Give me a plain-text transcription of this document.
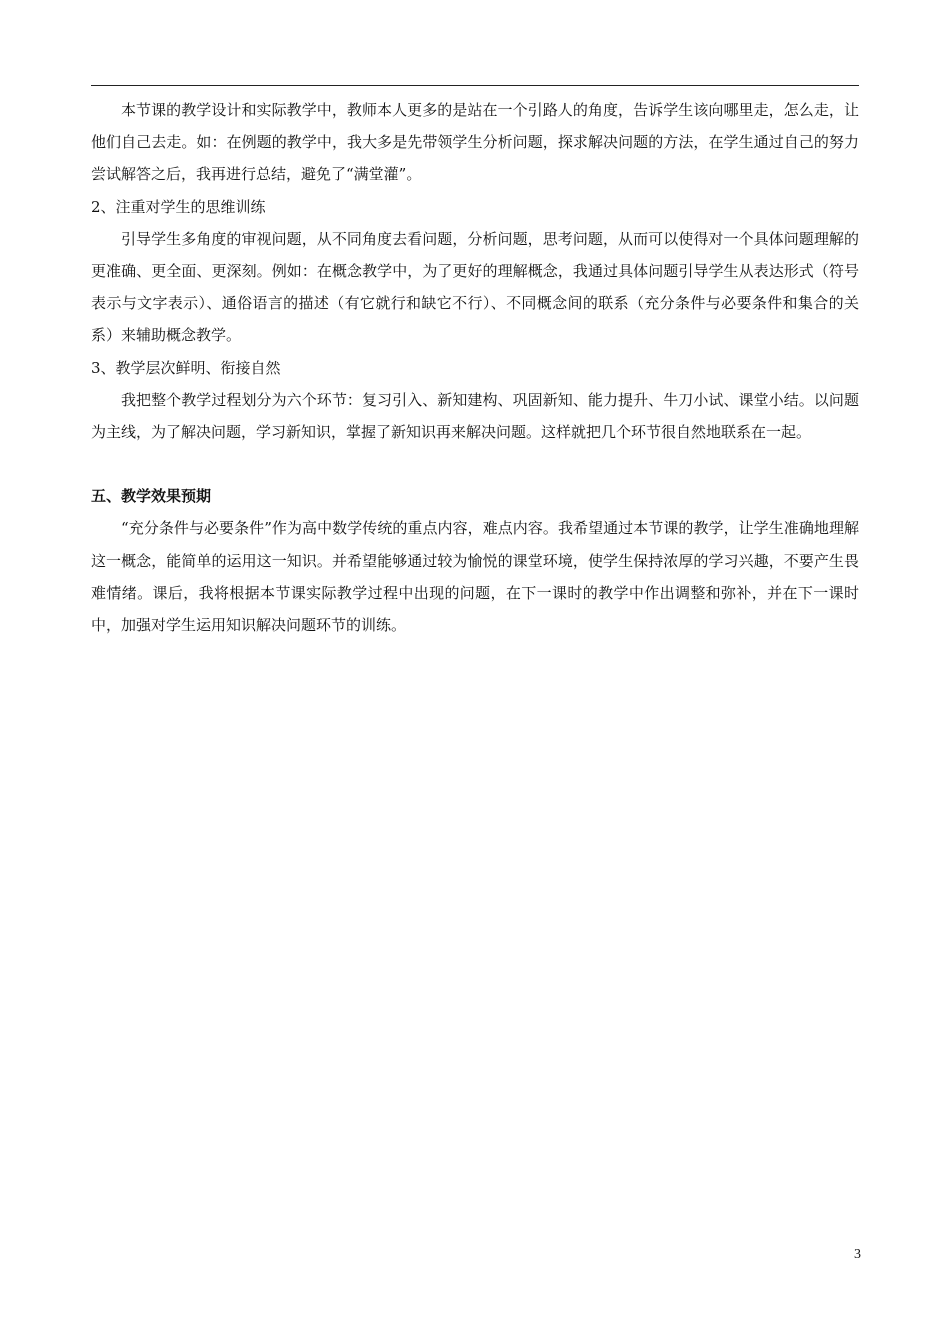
本节课的教学设计和实际教学中，教师本人更多的是站在一个引路人的角度，告诉学生该向哪里走，怎么走，让他们自己去走。如：在例题的教学中，我大多是先带领学生分析问题，探求解决问题的方法，在学生通过自己的努力尝试解答之后，我再进行总结，避免了“满堂灌”。

2、注重对学生的思维训练

引导学生多角度的审视问题，从不同角度去看问题，分析问题，思考问题，从而可以使得对一个具体问题理解的更准确、更全面、更深刻。例如：在概念教学中，为了更好的理解概念，我通过具体问题引导学生从表达形式（符号表示与文字表示）、通俗语言的描述（有它就行和缺它不行）、不同概念间的联系（充分条件与必要条件和集合的关系）来辅助概念教学。

3、教学层次鲜明、衔接自然

我把整个教学过程划分为六个环节：复习引入、新知建构、巩固新知、能力提升、牛刀小试、课堂小结。以问题为主线，为了解决问题，学习新知识，掌握了新知识再来解决问题。这样就把几个环节很自然地联系在一起。

五、教学效果预期

“充分条件与必要条件”作为高中数学传统的重点内容，难点内容。我希望通过本节课的教学，让学生准确地理解这一概念，能简单的运用这一知识。并希望能够通过较为愉悦的课堂环境，使学生保持浓厚的学习兴趣，不要产生畏难情绪。课后，我将根据本节课实际教学过程中出现的问题，在下一课时的教学中作出调整和弥补，并在下一课时中，加强对学生运用知识解决问题环节的训练。

3
